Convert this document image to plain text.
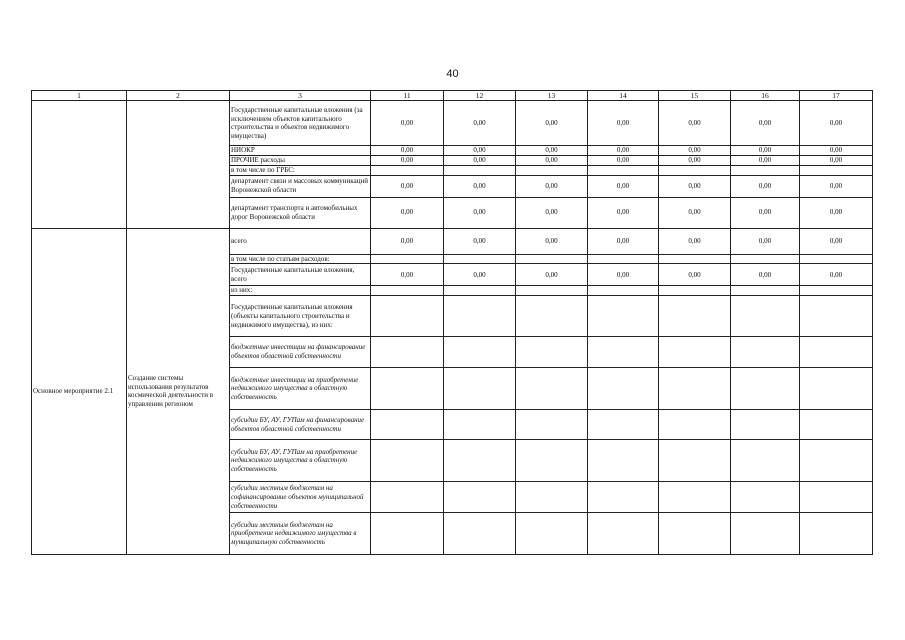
40
1	2	3	11	12	13	14	15	16	17
		Государственные капитальные вложения (за исключением объектов капитального строительства и объектов недвижимого имущества)	0,00	0,00	0,00	0,00	0,00	0,00	0,00
		НИОКР	0,00	0,00	0,00	0,00	0,00	0,00	0,00
		ПРОЧИЕ расходы	0,00	0,00	0,00	0,00	0,00	0,00	0,00
		в том числе по ГРБС:							
		департамент связи и массовых коммуникаций Воронежской области	0,00	0,00	0,00	0,00	0,00	0,00	0,00
		департамент транспорта и автомобильных дорог Воронежской области	0,00	0,00	0,00	0,00	0,00	0,00	0,00
Основное мероприятие 2.1	Создание системы использования результатов космической деятельности в управлении регионом	всего	0,00	0,00	0,00	0,00	0,00	0,00	0,00
		в том числе по статьям расходов:							
		Государственные капитальные вложения, всего	0,00	0,00	0,00	0,00	0,00	0,00	0,00
		из них:							
		Государственные капитальные вложения (объекты капитального строительства и недвижимого имущества), из них:							
		бюджетные инвестиции на финансирование объектов областной собственности							
		бюджетные инвестиции на приобретение недвижимого имущества в областную собственность							
		субсидии БУ, АУ, ГУПам на финансирование объектов областной собственности							
		субсидии БУ, АУ, ГУПам на приобретение недвижимого имущества в областную собственность							
		субсидии местным бюджетам на софинансирование объектов муниципальной собственности							
		субсидии местным бюджетам на приобретение недвижимого имущества в муниципальную собственность							
